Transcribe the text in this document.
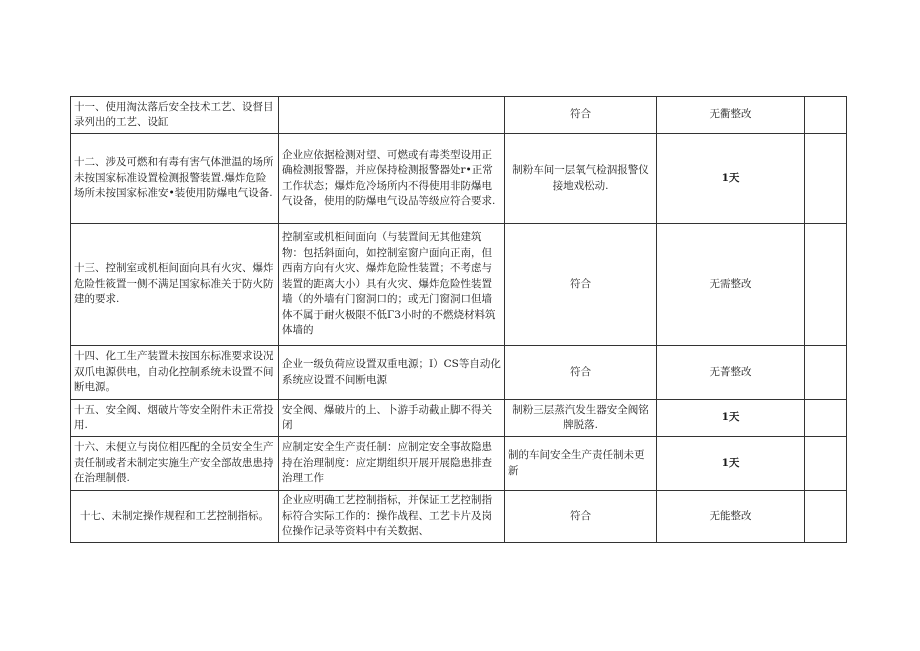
十一、使用淘汰落后安全技术工艺、设督目录列出的工艺、设缸		符合	无衢整改	
十二、涉及可燃和有毒有害气体泄温的场所未按国家标准设置检测报警装置.爆炸危险场所未按国家标准安•装使用防爆电气设备.	企业应依据检测对望、可燃或有毒类型设用正确检测报警器，并应保持检测报警器处r•正常工作状态；爆炸危冷场所内不得使用非防爆电气设备，使用的防爆电气设品等级应符合要求.	制粉车间一层氧气检泅报警仪接地戏松动.	1天	
十三、控制室或机柜间面向具有火灾、爆炸危险性筱置一侧不满足国家标准关于防火防建的要求.	控制室或机柜间面向（与装置间无其他建筑物：包括斜面向，如控制室窗户面向正南，但西南方向有火灾、爆炸危险性装置；不考虑与装置的距离大小）具有火灾、爆炸危险性装置墙（的外墙有门窗洞口的；或无门窗洞口但墙体不属于耐火极限不低Γ3小时的不燃烧材料筑体墙的	符合	无需整改	
十四、化工生产装置未按国东标准要求设况双爪电源供电，自动化控制系统未设置不间断电源。	企业一级负荷应设置双重电源；I）CS等自动化系统应设置不间断电源	符合	无菁整改	
十五、安全阀、烟破片等安全附件未正常投用.	安全阀、爆破片的上、卜游手动截止脚不得关闭	制粉三层蒸汽发生器安全阀铭牌脱落.	1天	
十六、未便立与岗位相匹配的全员安全生产责任制或者未制定实施生产安全部故患患持在治理制偎.	应制定安全生产责任制：应制定安全事故隐患持在治理制度：应定期组织开展开展隐患排查治理工作	制的车间安全生产责任制未更新	1天	
十七、未制定操作规程和工艺控制指标。	企业应明确工艺控制指标，并保证工艺控制指标符合实际工作的：操作战程、工艺卡片及岗位操作记录等资料中有关数据、	符合	无能整改	
